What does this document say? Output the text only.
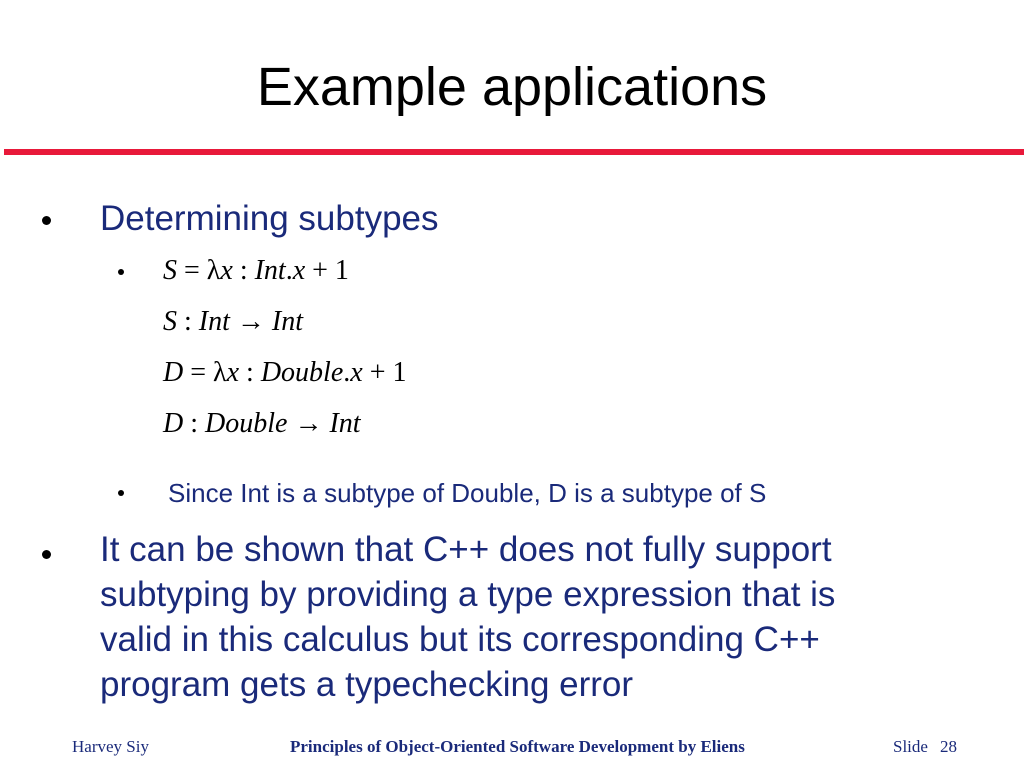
Example applications
Determining subtypes
S = λx : Int.x + 1
S : Int → Int
D = λx : Double.x + 1
D : Double → Int
Since Int is a subtype of Double, D is a subtype of S
It can be shown that C++ does not fully support
subtyping by providing a type expression that is
valid in this calculus but its corresponding C++
program gets a typechecking error
Harvey Siy	Principles of Object-Oriented Software Development by Eliens	Slide 28
